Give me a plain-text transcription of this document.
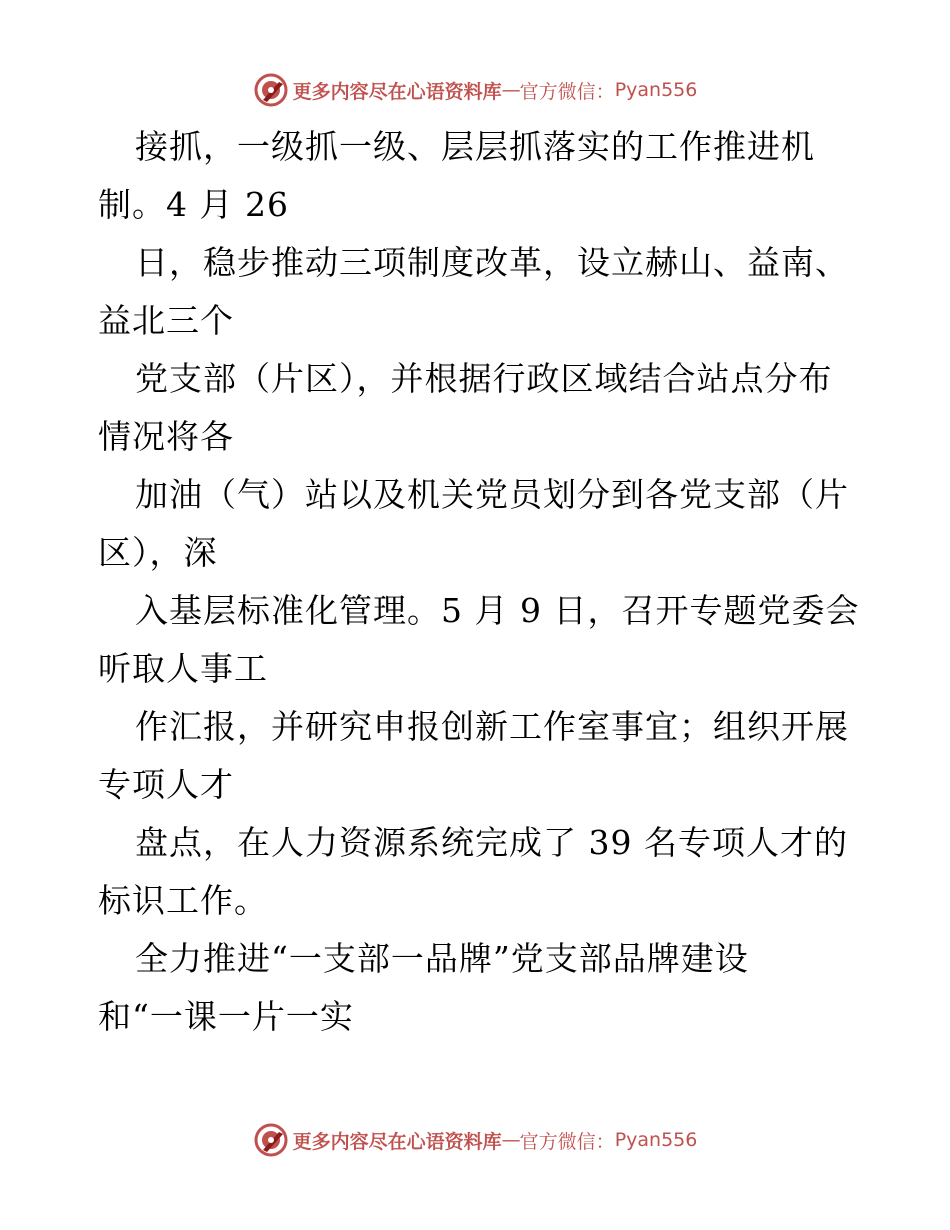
更多内容尽在心语资料库 — 官方微信： Pyan556
接抓，一级抓一级、层层抓落实的工作推进机
制。4 月 26
日，稳步推动三项制度改革，设立赫山、益南、
益北三个
党支部（片区），并根据行政区域结合站点分布
情况将各
加油（气）站以及机关党员划分到各党支部（片
区），深
入基层标准化管理。5 月 9 日，召开专题党委会
听取人事工
作汇报，并研究申报创新工作室事宜；组织开展
专项人才
盘点，在人力资源系统完成了 39 名专项人才的
标识工作。
全力推进“一支部一品牌”党支部品牌建设
和“一课一片一实
更多内容尽在心语资料库 — 官方微信： Pyan556
